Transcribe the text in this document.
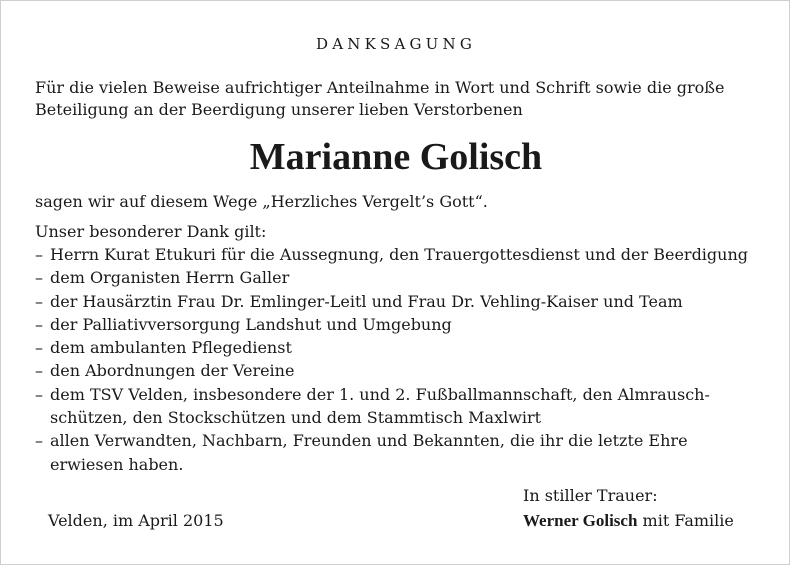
DANKSAGUNG
Für die vielen Beweise aufrichtiger Anteilnahme in Wort und Schrift sowie die große
Beteiligung an der Beerdigung unserer lieben Verstorbenen
Marianne Golisch
sagen wir auf diesem Wege „Herzliches Vergelt’s Gott“.
Unser besonderer Dank gilt:
– Herrn Kurat Etukuri für die Aussegnung, den Trauergottesdienst und der Beerdigung
– dem Organisten Herrn Galler
– der Hausärztin Frau Dr. Emlinger-Leitl und Frau Dr. Vehling-Kaiser und Team
– der Palliativversorgung Landshut und Umgebung
– dem ambulanten Pflegedienst
– den Abordnungen der Vereine
– dem TSV Velden, insbesondere der 1. und 2. Fußballmannschaft, den Almrausch-
schützen, den Stockschützen und dem Stammtisch Maxlwirt
– allen Verwandten, Nachbarn, Freunden und Bekannten, die ihr die letzte Ehre
erwiesen haben.
In stiller Trauer:
Velden, im April 2015	Werner Golisch mit Familie
